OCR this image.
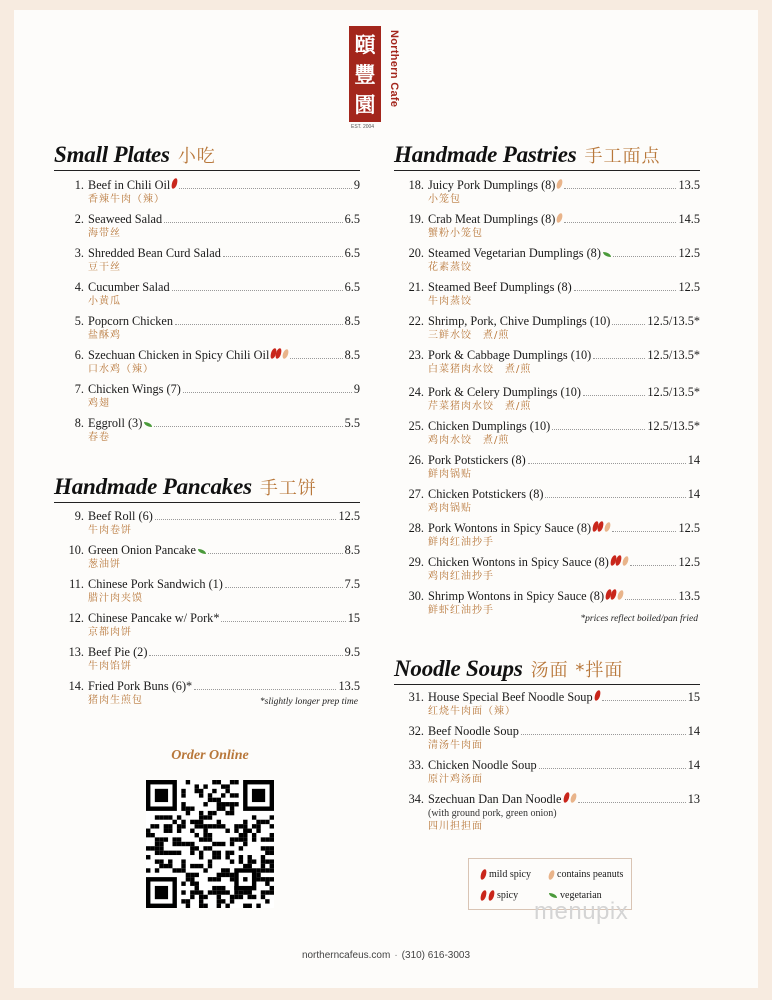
頤
豐
園	Northern Cafe
EST. 2004
Small Plates 小吃
1. Beef in Chili Oil	9
香辣牛肉（辣）
2. Seaweed Salad	6.5
海带丝
3. Shredded Bean Curd Salad	6.5
豆干丝
4. Cucumber Salad	6.5
小黄瓜
5. Popcorn Chicken	8.5
盐酥鸡
6. Szechuan Chicken in Spicy Chili Oil	8.5
口水鸡（辣）
7. Chicken Wings (7)	9
鸡翅
8. Eggroll (3)	5.5
春卷
Handmade Pancakes 手工饼
9. Beef Roll (6)	12.5
牛肉卷饼
10. Green Onion Pancake	8.5
葱油饼
11. Chinese Pork Sandwich (1)	7.5
腊汁肉夹馍
12. Chinese Pancake w/ Pork*	15
京都肉饼
13. Beef Pie (2)	9.5
牛肉馅饼
14. Fried Pork Buns (6)*	13.5
猪肉生煎包	*slightly longer prep time
Order Online
Handmade Pastries 手工面点
18. Juicy Pork Dumplings (8)	13.5
小笼包
19. Crab Meat Dumplings (8)	14.5
蟹粉小笼包
20. Steamed Vegetarian Dumplings (8)	12.5
花素蒸饺
21. Steamed Beef Dumplings (8)	12.5
牛肉蒸饺
22. Shrimp, Pork, Chive Dumplings (10)	12.5/13.5*
三鲜水饺　煮/煎
23. Pork & Cabbage Dumplings (10)	12.5/13.5*
白菜猪肉水饺　煮/煎
24. Pork & Celery Dumplings (10)	12.5/13.5*
芹菜猪肉水饺　煮/煎
25. Chicken Dumplings (10)	12.5/13.5*
鸡肉水饺　煮/煎
26. Pork Potstickers (8)	14
鲜肉锅贴
27. Chicken Potstickers (8)	14
鸡肉锅贴
28. Pork Wontons in Spicy Sauce (8)	12.5
鲜肉红油抄手
29. Chicken Wontons in Spicy Sauce (8)	12.5
鸡肉红油抄手
30. Shrimp Wontons in Spicy Sauce (8)	13.5
鲜虾红油抄手
*prices reflect boiled/pan fried
Noodle Soups 汤面 *拌面
31. House Special Beef Noodle Soup	15
红烧牛肉面（辣）
32. Beef Noodle Soup	14
清汤牛肉面
33. Chicken Noodle Soup	14
原汁鸡汤面
34. Szechuan Dan Dan Noodle	13
(with ground pork, green onion)
四川担担面
mild spicy	contains peanuts
spicy	vegetarian
menupix
northerncafeus.com · (310) 616-3003
